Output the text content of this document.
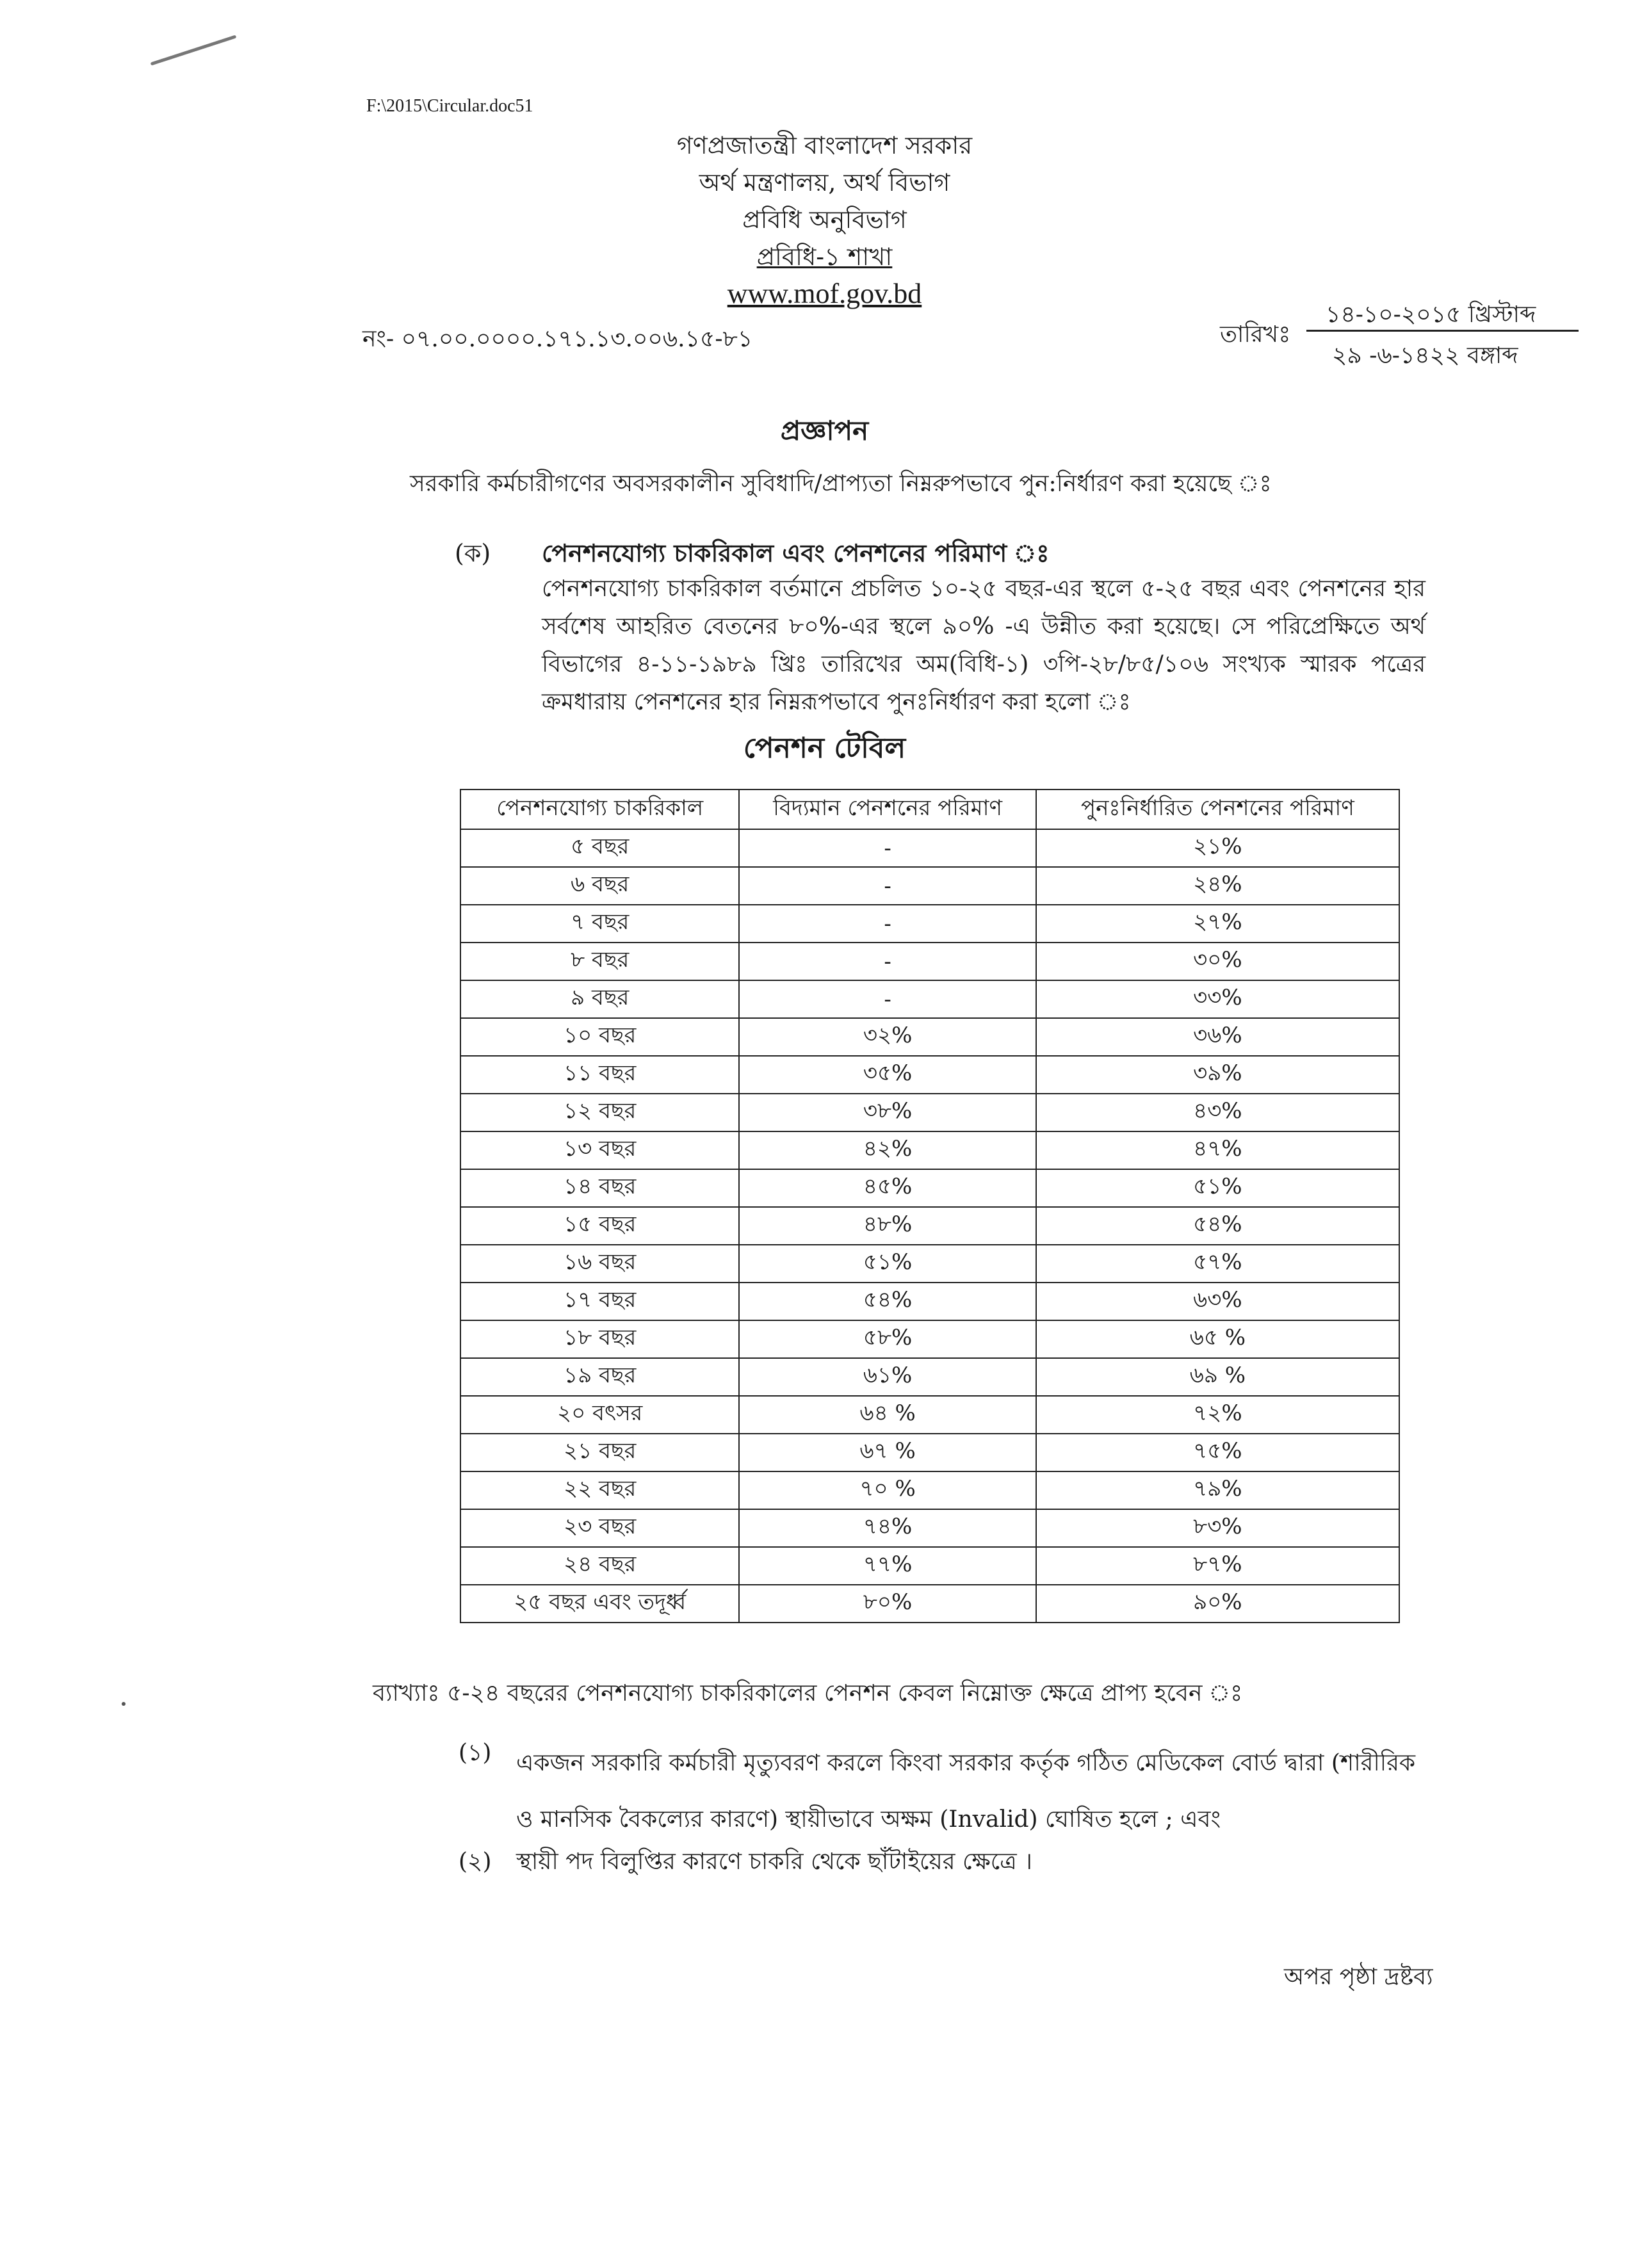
F:\2015\Circular.doc51
গণপ্রজাতন্ত্রী বাংলাদেশ সরকার
অর্থ মন্ত্রণালয়, অর্থ বিভাগ
প্রবিধি অনুবিভাগ
প্রবিধি-১ শাখা
www.mof.gov.bd
নং- ০৭.০০.০০০০.১৭১.১৩.০০৬.১৫-৮১	তারিখঃ
১৪-১০-২০১৫ খ্রিস্টাব্দ
২৯ -৬-১৪২২ বঙ্গাব্দ
প্রজ্ঞাপন
সরকারি কর্মচারীগণের অবসরকালীন সুবিধাদি/প্রাপ্যতা নিম্নরুপভাবে পুন:নির্ধারণ করা হয়েছে ঃ
(ক) পেনশনযোগ্য চাকরিকাল এবং পেনশনের পরিমাণ ঃ
পেনশনযোগ্য চাকরিকাল বর্তমানে প্রচলিত ১০-২৫ বছর-এর স্থলে ৫-২৫ বছর এবং পেনশনের হার সর্বশেষ আহরিত বেতনের ৮০%-এর স্থলে ৯০% -এ উন্নীত করা হয়েছে। সে পরিপ্রেক্ষিতে অর্থ বিভাগের ৪-১১-১৯৮৯ খ্রিঃ তারিখের অম(বিধি-১) ৩পি-২৮/৮৫/১০৬ সংখ্যক স্মারক পত্রের ক্রমধারায় পেনশনের হার নিম্নরূপভাবে পুনঃনির্ধারণ করা হলো ঃ
পেনশন টেবিল
পেনশনযোগ্য চাকরিকাল	বিদ্যমান পেনশনের পরিমাণ	পুনঃনির্ধারিত পেনশনের পরিমাণ
৫ বছর	-	২১%
৬ বছর	-	২৪%
৭ বছর	-	২৭%
৮ বছর	-	৩০%
৯ বছর	-	৩৩%
১০ বছর	৩২%	৩৬%
১১ বছর	৩৫%	৩৯%
১২ বছর	৩৮%	৪৩%
১৩ বছর	৪২%	৪৭%
১৪ বছর	৪৫%	৫১%
১৫ বছর	৪৮%	৫৪%
১৬ বছর	৫১%	৫৭%
১৭ বছর	৫৪%	৬৩%
১৮ বছর	৫৮%	৬৫ %
১৯ বছর	৬১%	৬৯ %
২০ বৎসর	৬৪ %	৭২%
২১ বছর	৬৭ %	৭৫%
২২ বছর	৭০ %	৭৯%
২৩ বছর	৭৪%	৮৩%
২৪ বছর	৭৭%	৮৭%
২৫ বছর এবং তদূর্ধ্ব	৮০%	৯০%
ব্যাখ্যাঃ ৫-২৪ বছরের পেনশনযোগ্য চাকরিকালের পেনশন কেবল নিম্নোক্ত ক্ষেত্রে প্রাপ্য হবেন ঃ
(১) একজন সরকারি কর্মচারী মৃত্যুবরণ করলে কিংবা সরকার কর্তৃক গঠিত মেডিকেল বোর্ড দ্বারা (শারীরিক ও মানসিক বৈকল্যের কারণে) স্থায়ীভাবে অক্ষম (Invalid) ঘোষিত হলে ; এবং
(২) স্থায়ী পদ বিলুপ্তির কারণে চাকরি থেকে ছাঁটাইয়ের ক্ষেত্রে ।
অপর পৃষ্ঠা দ্রষ্টব্য
